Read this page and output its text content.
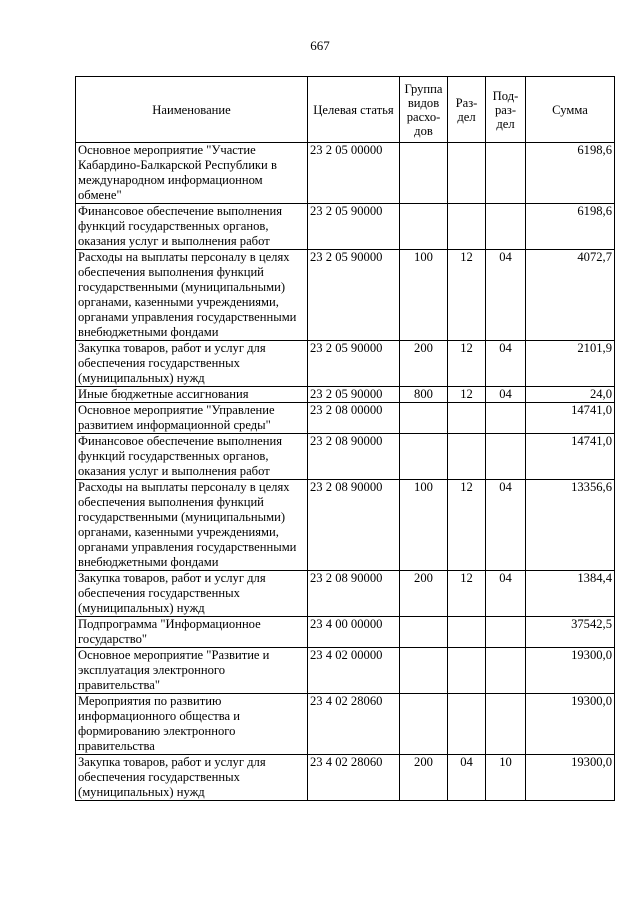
667
Наименование	Целевая статья	Группа видов расхо-дов	Раз-дел	Под-раз-дел	Сумма
Основное мероприятие "Участие Кабардино-Балкарской Республики в международном информационном обмене"	23 2 05 00000				6198,6
Финансовое обеспечение выполнения функций государственных органов, оказания услуг и выполнения работ	23 2 05 90000				6198,6
Расходы на выплаты персоналу в целях обеспечения выполнения функций государственными (муниципальными) органами, казенными учреждениями, органами управления государственными внебюджетными фондами	23 2 05 90000	100	12	04	4072,7
Закупка товаров, работ и услуг для обеспечения государственных (муниципальных) нужд	23 2 05 90000	200	12	04	2101,9
Иные бюджетные ассигнования	23 2 05 90000	800	12	04	24,0
Основное мероприятие "Управление развитием информационной среды"	23 2 08 00000				14741,0
Финансовое обеспечение выполнения функций государственных органов, оказания услуг и выполнения работ	23 2 08 90000				14741,0
Расходы на выплаты персоналу в целях обеспечения выполнения функций государственными (муниципальными) органами, казенными учреждениями, органами управления государственными внебюджетными фондами	23 2 08 90000	100	12	04	13356,6
Закупка товаров, работ и услуг для обеспечения государственных (муниципальных) нужд	23 2 08 90000	200	12	04	1384,4
Подпрограмма "Информационное государство"	23 4 00 00000				37542,5
Основное мероприятие "Развитие и эксплуатация электронного правительства"	23 4 02 00000				19300,0
Мероприятия по развитию информационного общества и формированию электронного правительства	23 4 02 28060				19300,0
Закупка товаров, работ и услуг для обеспечения государственных (муниципальных) нужд	23 4 02 28060	200	04	10	19300,0
